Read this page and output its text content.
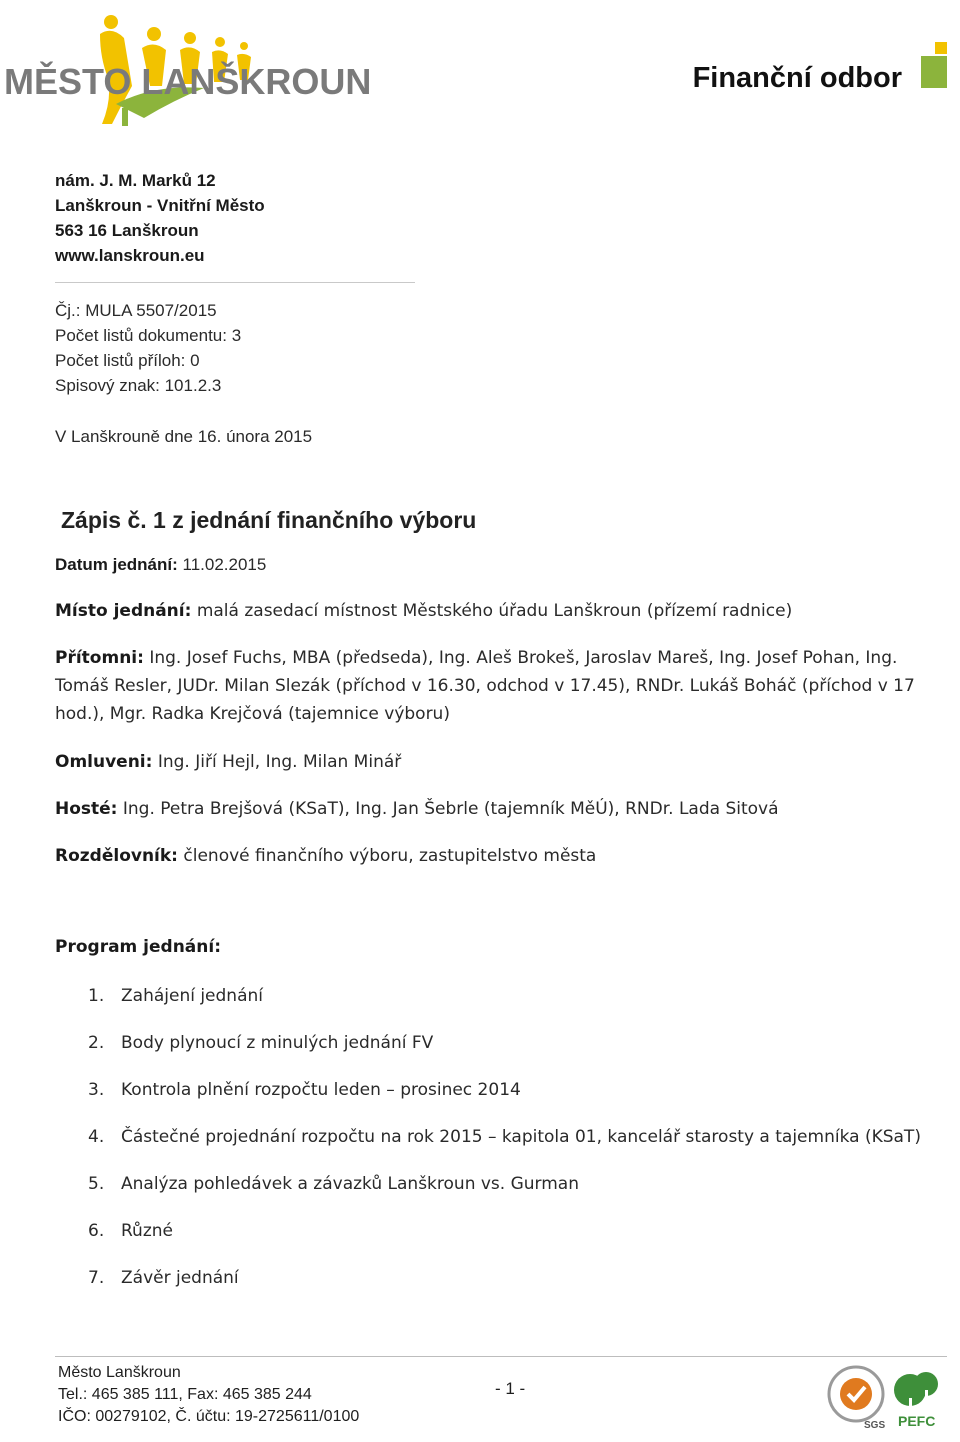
MĚSTO LANŠKROUN	Finanční odbor
nám. J. M. Marků 12
Lanškroun - Vnitřní Město
563 16 Lanškroun
www.lanskroun.eu
Čj.: MULA 5507/2015
Počet listů dokumentu: 3
Počet listů příloh: 0
Spisový znak: 101.2.3
V Lanškrouně dne 16. února 2015
Zápis č. 1 z jednání finančního výboru
Datum jednání: 11.02.2015
Místo jednání: malá zasedací místnost Městského úřadu Lanškroun (přízemí radnice)
Přítomni: Ing. Josef Fuchs, MBA (předseda), Ing. Aleš Brokeš, Jaroslav Mareš, Ing. Josef Pohan, Ing. Tomáš Resler, JUDr. Milan Slezák (příchod v 16.30, odchod v 17.45), RNDr. Lukáš Boháč (příchod v 17 hod.), Mgr. Radka Krejčová (tajemnice výboru)
Omluveni: Ing. Jiří Hejl, Ing. Milan Minář
Hosté: Ing. Petra Brejšová (KSaT), Ing. Jan Šebrle (tajemník MěÚ), RNDr. Lada Sitová
Rozdělovník: členové finančního výboru, zastupitelstvo města
Program jednání:
1. Zahájení jednání
2. Body plynoucí z minulých jednání FV
3. Kontrola plnění rozpočtu leden – prosinec 2014
4. Částečné projednání rozpočtu na rok 2015 – kapitola 01, kancelář starosty a tajemníka (KSaT)
5. Analýza pohledávek a závazků Lanškroun vs. Gurman
6. Různé
7. Závěr jednání
Město Lanškroun
Tel.: 465 385 111, Fax: 465 385 244
IČO: 00279102, Č. účtu: 19-2725611/0100
- 1 -
SGS PEFC
